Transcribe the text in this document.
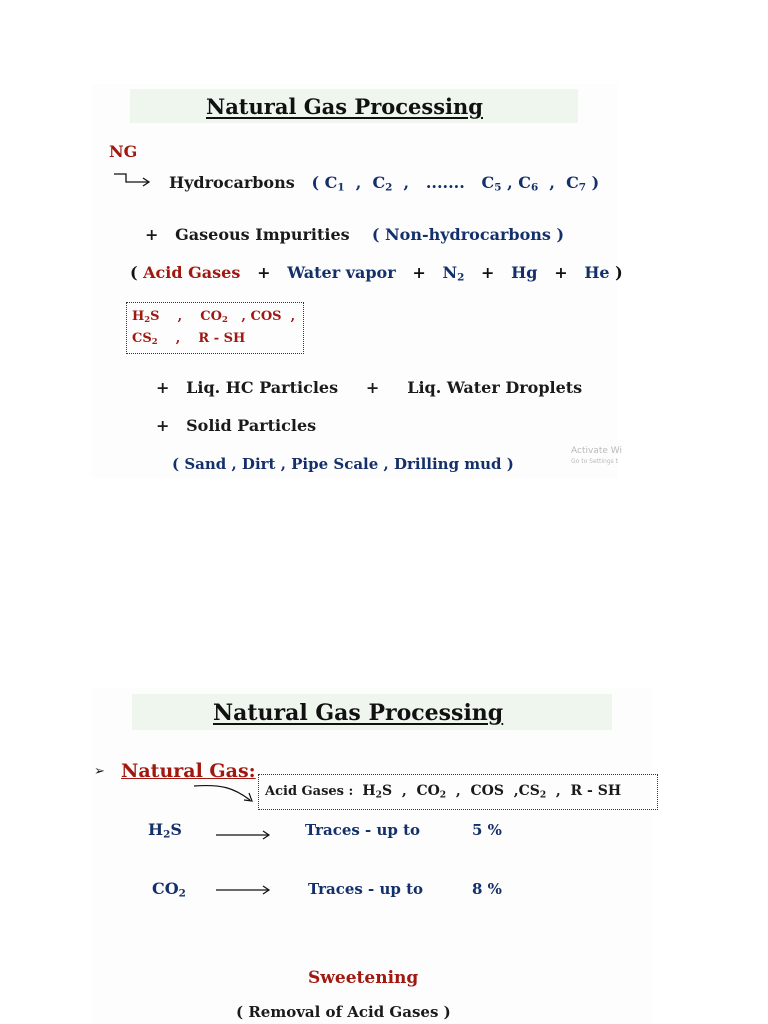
Natural Gas Processing
NG
Hydrocarbons   ( $C_1$  ,  $C_2$  ,   ....... $C_5$ , $C_6$  ,  $C_7$ )
+   Gaseous Impurities ( Non-hydrocarbons )
( Acid Gases   +   Water vapor   +   $N_2 + Hg + He$ )
$H_2S$    ,    $CO_2$   , COS  ,
$CS_2$    ,    R - SH
+   Liq. HC Particles     +     Liq. Water Droplets
+   Solid Particles
( Sand , Dirt , Pipe Scale , Drilling mud )
Activate Wi
Go to Settings t
Natural Gas Processing
➢ Natural Gas:
Acid Gases : $H_2S$  ,  $CO_2$  ,  COS  $,CS_2$  ,  R - SH
$H_2S$	Traces - up to	5 %
$CO_2$	Traces - up to	8 %
Sweetening
( Removal of Acid Gases )
